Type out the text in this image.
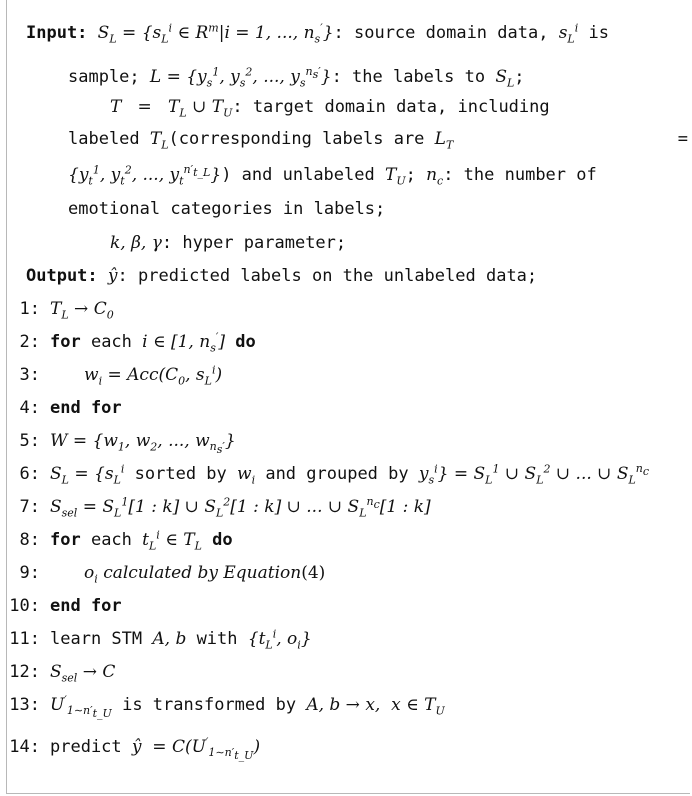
Input: $S_L = \{s_L^i$ ∈ $R^m|i = 1$, ..., $n_s'$}: source domain data, $s_L^i$ is
sample; $L = \{y_s^1$, $y_s^2$, ..., $y_s^{n_s'}$}: the labels to $S_L$;
$T = T_L$ ∪ $T_U$: target domain data, including
labeled $T_L(corresponding$ labels are $L_T$	=
{$y_t^1$, $y_t^2$, ..., $y_t^{n'_{t\_L}}$}) and unlabeled $T_U$; $n_c$: the number of
emotional categories in labels;
k, β, γ: hyper parameter;
Output: ŷ: predicted labels on the unlabeled data;
1: $T_L \to C_0$
2: for each i ∈ [1, $n_s'$] do
3:	$w_i = Acc(C_0$, $s_L^i$)
4: end for
5: $W = \{w_1$, $w_2$, ..., $w_{n_s'}$}
6: $S_L = \{s_L^i$ sorted by $w_i$ and grouped by $y_s^i\} = S_L^1$ ∪ $S_L^2$ ∪ ... ∪ $S_L^{n_c}$
7: $S_{sel} = S_L^1[1$ : k] ∪ $S_L^2[1$ : k] ∪ ... ∪ $S_L^{n_c}[1$ : k]
8: for each $t_L^i$ ∈ $T_L$ do
9:	$o_i$ calculated by Equation(4)
10: end for
11: learn STM A, b with {$t_L^i$, $o_i$}
12: $S_{sel} \to C$
13: $U'_{1\sim n'_{t\_U}}$ is transformed by A, b → x,  x ∈ $T_U$
14: predict ŷ  = $C(U'_{1\sim n'_{t\_U}})$
